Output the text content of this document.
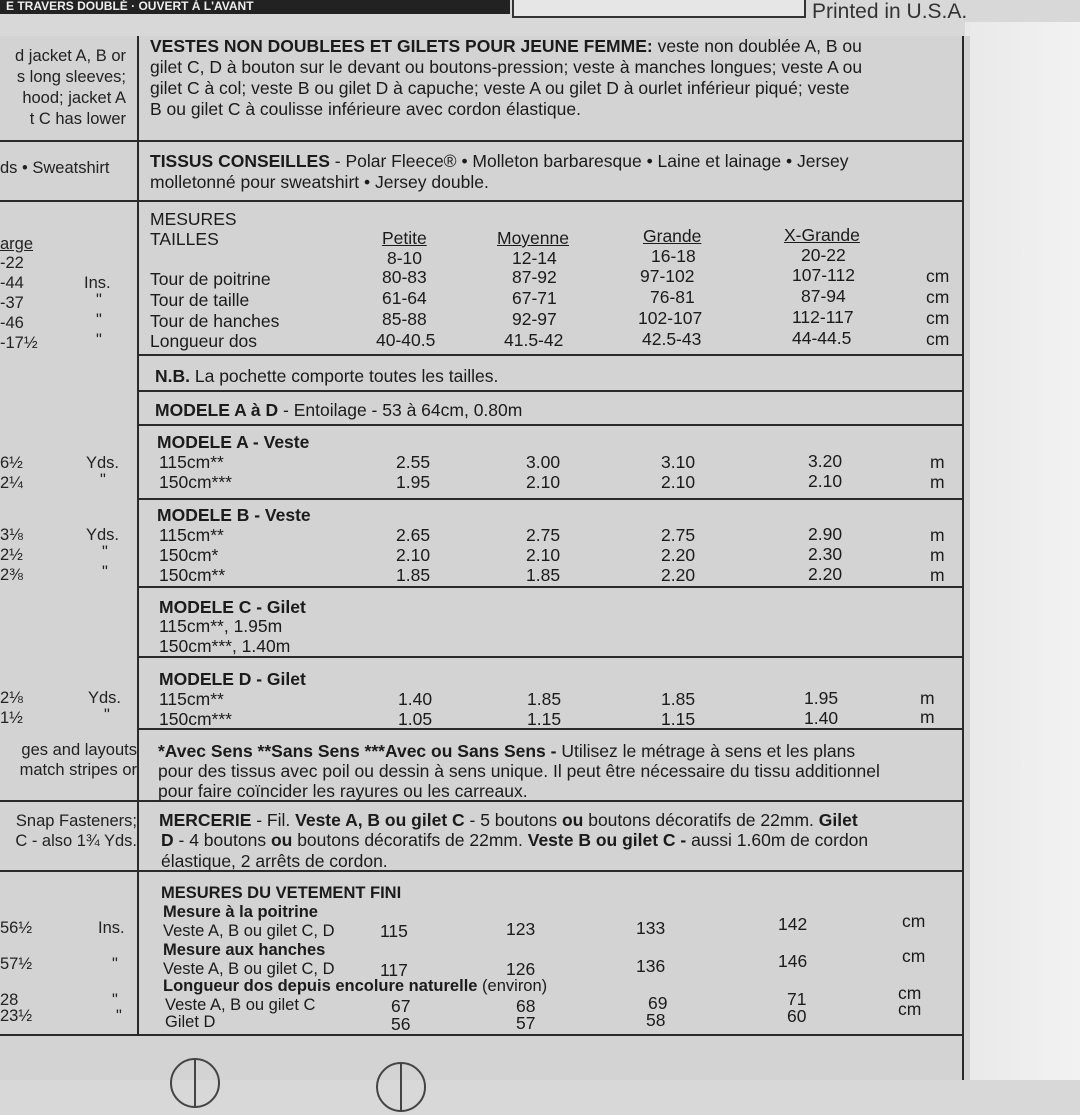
E TRAVERS DOUBLÉ · OUVERT À L'AVANT	Printed in U.S.A.
d jacket A, B or
s long sleeves;
hood; jacket A
t C has lower
ds • Sweatshirt
arge
-22
-44	Ins.
-37	"
-46	"
-17½	"
6½	Yds.
2¼	"
3⅛	Yds.
2½	"
2⅜	"
2⅛	Yds.
1½	"
ges and layouts
match stripes or
Snap Fasteners;
C - also 1¾ Yds.
56½	Ins.
57½	"
28	"
23½	"
VESTES NON DOUBLEES ET GILETS POUR JEUNE FEMME: veste non doublée A, B ou
gilet C, D à bouton sur le devant ou boutons-pression; veste à manches longues; veste A ou
gilet C à col; veste B ou gilet D à capuche; veste A ou gilet D à ourlet inférieur piqué; veste
B ou gilet C à coulisse inférieure avec cordon élastique.
TISSUS CONSEILLES - Polar Fleece® • Molleton barbaresque • Laine et lainage • Jersey
molletonné pour sweatshirt • Jersey double.
MESURES
TAILLES	Petite	Moyenne	Grande	X-Grande
8-10	12-14	16-18	20-22
Tour de poitrine	80-83	87-92	97-102	107-112	cm
Tour de taille	61-64	67-71	76-81	87-94	cm
Tour de hanches	85-88	92-97	102-107	112-117	cm
Longueur dos	40-40.5	41.5-42	42.5-43	44-44.5	cm
N.B. La pochette comporte toutes les tailles.
MODELE A à D - Entoilage - 53 à 64cm, 0.80m
MODELE A - Veste
115cm**	2.55	3.00	3.10	3.20	m
150cm***	1.95	2.10	2.10	2.10	m
MODELE B - Veste
115cm**	2.65	2.75	2.75	2.90	m
150cm*	2.10	2.10	2.20	2.30	m
150cm**	1.85	1.85	2.20	2.20	m
MODELE C - Gilet
115cm**, 1.95m
150cm***, 1.40m
MODELE D - Gilet
115cm**	1.40	1.85	1.85	1.95	m
150cm***	1.05	1.15	1.15	1.40	m
*Avec Sens **Sans Sens ***Avec ou Sans Sens - Utilisez le métrage à sens et les plans
pour des tissus avec poil ou dessin à sens unique. Il peut être nécessaire du tissu additionnel
pour faire coïncider les rayures ou les carreaux.
MERCERIE - Fil. Veste A, B ou gilet C - 5 boutons ou boutons décoratifs de 22mm. Gilet
D - 4 boutons ou boutons décoratifs de 22mm. Veste B ou gilet C - aussi 1.60m de cordon
élastique, 2 arrêts de cordon.
MESURES DU VETEMENT FINI
Mesure à la poitrine
Veste A, B ou gilet C, D	115	123	133	142	cm
Mesure aux hanches
Veste A, B ou gilet C, D	117	126	136	146	cm
Longueur dos depuis encolure naturelle (environ)
Veste A, B ou gilet C	67	68	69	71	cm
Gilet D	56	57	58	60	cm
